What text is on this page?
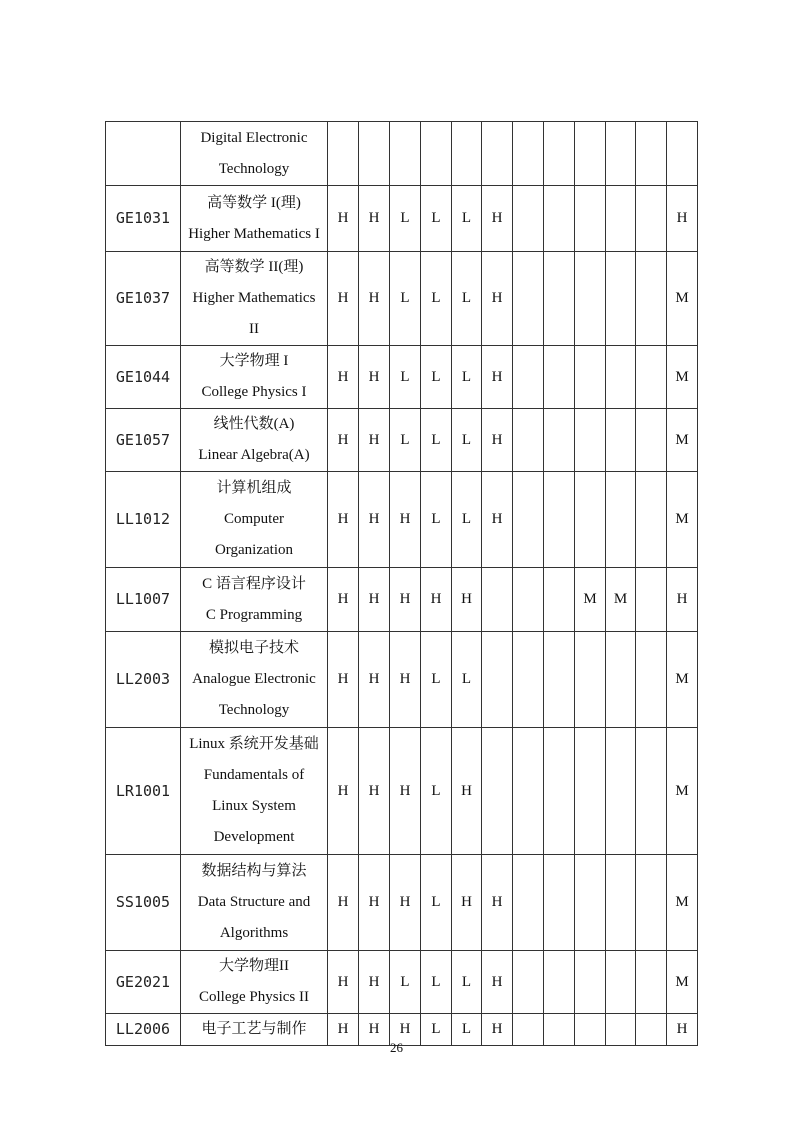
	Digital Electronic
Technology												

GE1031	高等数学 I(理)
Higher Mathematics I	H	H	L	L	L	H						H
GE1037	高等数学 II(理)
Higher Mathematics
II	H	H	L	L	L	H						M
GE1044	大学物理 I
College Physics I	H	H	L	L	L	H						M
GE1057	线性代数(A)
Linear Algebra(A)	H	H	L	L	L	H						M
LL1012	计算机组成
Computer
Organization	H	H	H	L	L	H						M
LL1007	C 语言程序设计
C Programming	H	H	H	H	H				M	M		H
LL2003	模拟电子技术
Analogue Electronic
Technology	H	H	H	L	L							M
LR1001	Linux 系统开发基础
Fundamentals of
Linux System
Development	H	H	H	L	H							M
SS1005	数据结构与算法
Data Structure and
Algorithms	H	H	H	L	H	H						M
GE2021	大学物理II
College Physics II	H	H	L	L	L	H						M
LL2006	电子工艺与制作	H	H	H	L	L	H						H
26
